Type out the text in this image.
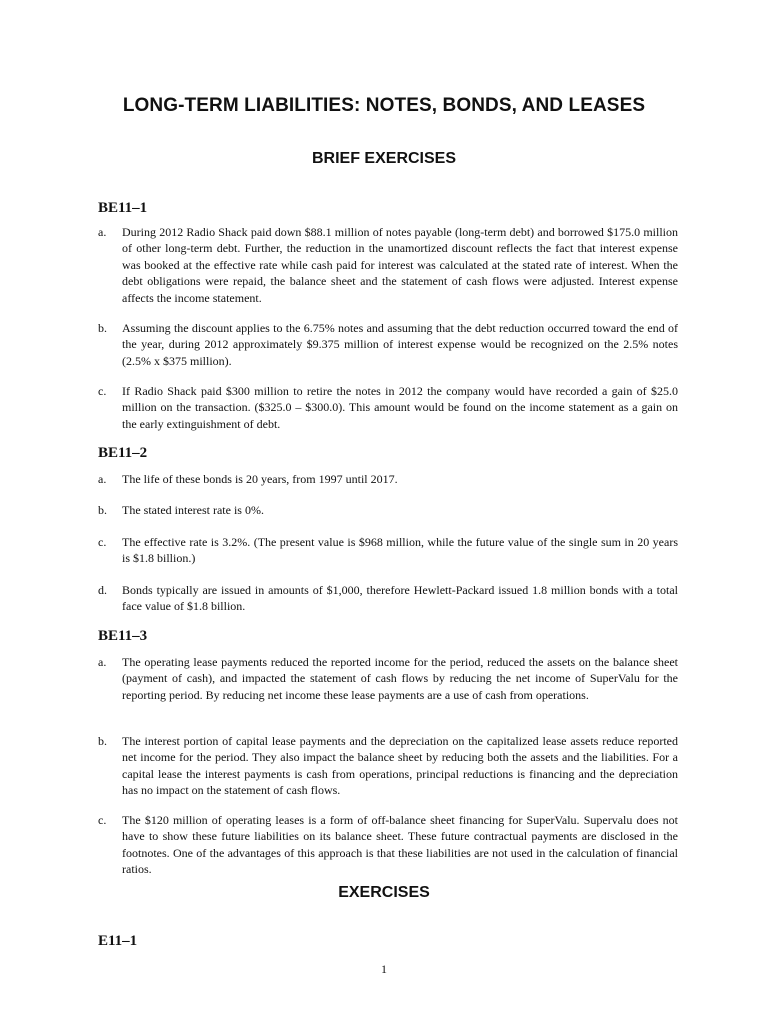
LONG-TERM LIABILITIES: NOTES, BONDS, AND LEASES
BRIEF EXERCISES
BE11–1
a.	During 2012 Radio Shack paid down $88.1 million of notes payable (long-term debt) and borrowed $175.0 million of other long-term debt. Further, the reduction in the unamortized discount reflects the fact that interest expense was booked at the effective rate while cash paid for interest was calculated at the stated rate of interest. When the debt obligations were repaid, the balance sheet and the statement of cash flows were adjusted. Interest expense affects the income statement.
b.	Assuming the discount applies to the 6.75% notes and assuming that the debt reduction occurred toward the end of the year, during 2012 approximately $9.375 million of interest expense would be recognized on the 2.5% notes (2.5% x $375 million).
c.	If Radio Shack paid $300 million to retire the notes in 2012 the company would have recorded a gain of $25.0 million on the transaction. ($325.0 – $300.0). This amount would be found on the income statement as a gain on the early extinguishment of debt.
BE11–2
a.	The life of these bonds is 20 years, from 1997 until 2017.
b.	The stated interest rate is 0%.
c.	The effective rate is 3.2%. (The present value is $968 million, while the future value of the single sum in 20 years is $1.8 billion.)
d.	Bonds typically are issued in amounts of $1,000, therefore Hewlett-Packard issued 1.8 million bonds with a total face value of $1.8 billion.
BE11–3
a.	The operating lease payments reduced the reported income for the period, reduced the assets on the balance sheet (payment of cash), and impacted the statement of cash flows by reducing the net income of SuperValu for the reporting period. By reducing net income these lease payments are a use of cash from operations.
b.	The interest portion of capital lease payments and the depreciation on the capitalized lease assets reduce reported net income for the period. They also impact the balance sheet by reducing both the assets and the liabilities. For a capital lease the interest payments is cash from operations, principal reductions is financing and the depreciation has no impact on the statement of cash flows.
c.	The $120 million of operating leases is a form of off-balance sheet financing for SuperValu. Supervalu does not have to show these future liabilities on its balance sheet. These future contractual payments are disclosed in the footnotes. One of the advantages of this approach is that these liabilities are not used in the calculation of financial ratios.
EXERCISES
E11–1
1
